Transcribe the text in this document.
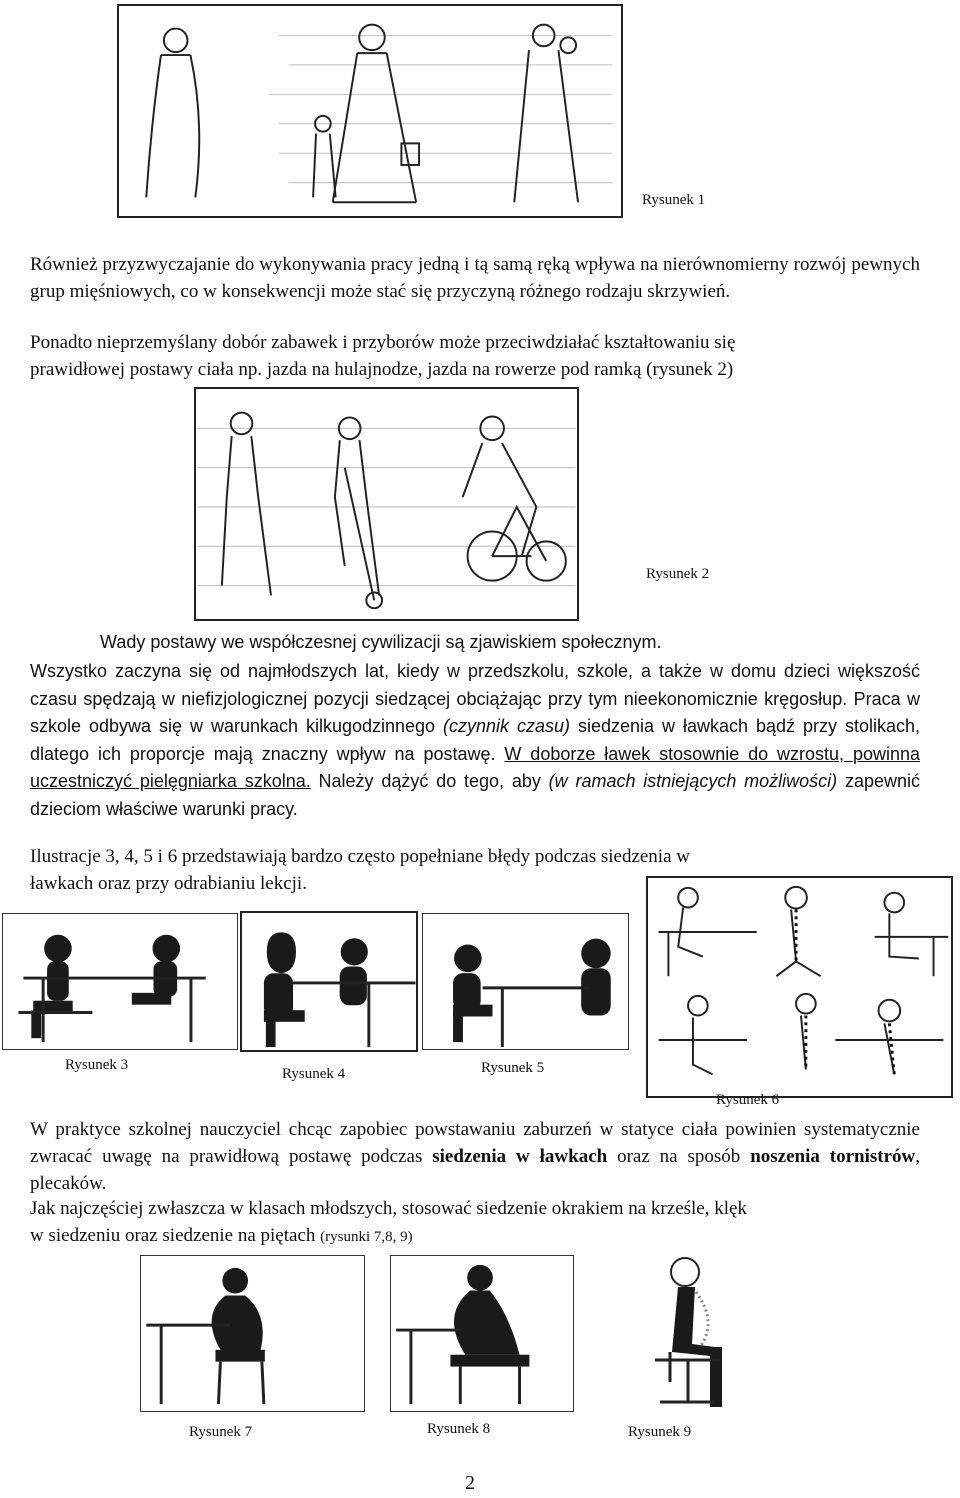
Rysunek 1

Również przyzwyczajanie do wykonywania pracy jedną i tą samą ręką wpływa na nierównomierny rozwój pewnych grup mięśniowych, co w konsekwencji może stać się przyczyną różnego rodzaju skrzywień.

Ponadto nieprzemyślany dobór zabawek i przyborów może przeciwdziałać kształtowaniu się
prawidłowej postawy ciała np. jazda na hulajnodze, jazda na rowerze pod ramką (rysunek 2)
Rysunek 2
Wady postawy we współczesnej cywilizacji są zjawiskiem społecznym.

Wszystko zaczyna się od najmłodszych lat, kiedy w przedszkolu, szkole, a także w domu dzieci większość czasu spędzają w niefizjologicznej pozycji siedzącej obciążając przy tym nieekonomicznie kręgosłup. Praca w szkole odbywa się w warunkach kilkugodzinnego (czynnik czasu) siedzenia w ławkach bądź przy stolikach, dlatego ich proporcje mają znaczny wpływ na postawę. W doborze ławek stosownie do wzrostu, powinna uczestniczyć pielęgniarka szkolna. Należy dążyć do tego, aby (w ramach istniejących możliwości) zapewnić dzieciom właściwe warunki pracy.

Ilustracje 3, 4, 5 i 6 przedstawiają bardzo często popełniane błędy podczas siedzenia w
ławkach oraz przy odrabianiu lekcji.
Rysunek 3
Rysunek 4	Rysunek 5
Rysunek 6

W praktyce szkolnej nauczyciel chcąc zapobiec powstawaniu zaburzeń w statyce ciała powinien systematycznie zwracać uwagę na prawidłową postawę podczas siedzenia w ławkach oraz na sposób noszenia tornistrów, plecaków.

Jak najczęściej zwłaszcza w klasach młodszych, stosować siedzenie okrakiem na krześle, klęk
w siedzeniu oraz siedzenie na piętach (rysunki 7,8, 9)
Rysunek 7	Rysunek 8	Rysunek 9
2
